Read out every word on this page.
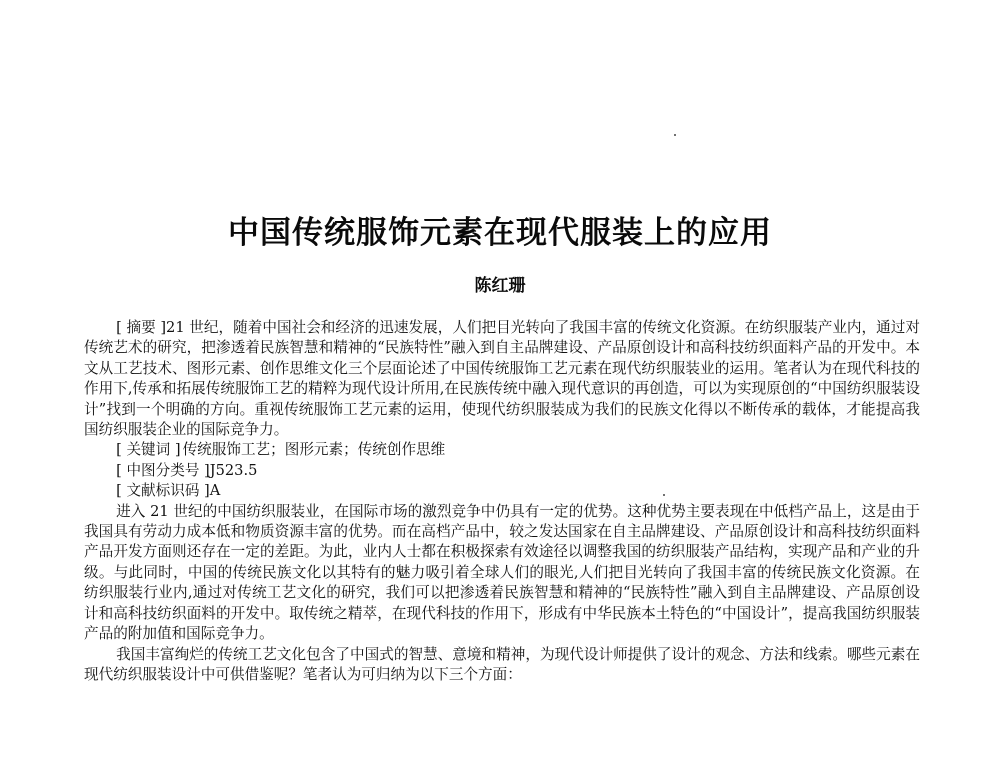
中国传统服饰元素在现代服装上的应用
陈红珊

[ 摘要 ]21 世纪，随着中国社会和经济的迅速发展，人们把目光转向了我国丰富的传统文化资源。在纺织服装产业内，通过对传统艺术的研究，把渗透着民族智慧和精神的“民族特性”融入到自主品牌建设、产品原创设计和高科技纺织面料产品的开发中。本文从工艺技术、图形元素、创作思维文化三个层面论述了中国传统服饰工艺元素在现代纺织服装业的运用。笔者认为在现代科技的作用下,传承和拓展传统服饰工艺的精粹为现代设计所用,在民族传统中融入现代意识的再创造，可以为实现原创的“中国纺织服装设计”找到一个明确的方向。重视传统服饰工艺元素的运用，使现代纺织服装成为我们的民族文化得以不断传承的载体，才能提高我国纺织服装企业的国际竞争力。

[ 关键词 ] 传统服饰工艺；图形元素；传统创作思维

[ 中图分类号 ]J523.5

[ 文献标识码 ]A

进入 21 世纪的中国纺织服装业，在国际市场的激烈竞争中仍具有一定的优势。这种优势主要表现在中低档产品上，这是由于我国具有劳动力成本低和物质资源丰富的优势。而在高档产品中，较之发达国家在自主品牌建设、产品原创设计和高科技纺织面料产品开发方面则还存在一定的差距。为此，业内人士都在积极探索有效途径以调整我国的纺织服装产品结构，实现产品和产业的升级。与此同时，中国的传统民族文化以其特有的魅力吸引着全球人们的眼光,人们把目光转向了我国丰富的传统民族文化资源。在纺织服装行业内,通过对传统工艺文化的研究，我们可以把渗透着民族智慧和精神的“民族特性”融入到自主品牌建设、产品原创设计和高科技纺织面料的开发中。取传统之精萃，在现代科技的作用下，形成有中华民族本土特色的“中国设计”，提高我国纺织服装产品的附加值和国际竞争力。

我国丰富绚烂的传统工艺文化包含了中国式的智慧、意境和精神，为现代设计师提供了设计的观念、方法和线索。哪些元素在现代纺织服装设计中可供借鉴呢？笔者认为可归纳为以下三个方面：
